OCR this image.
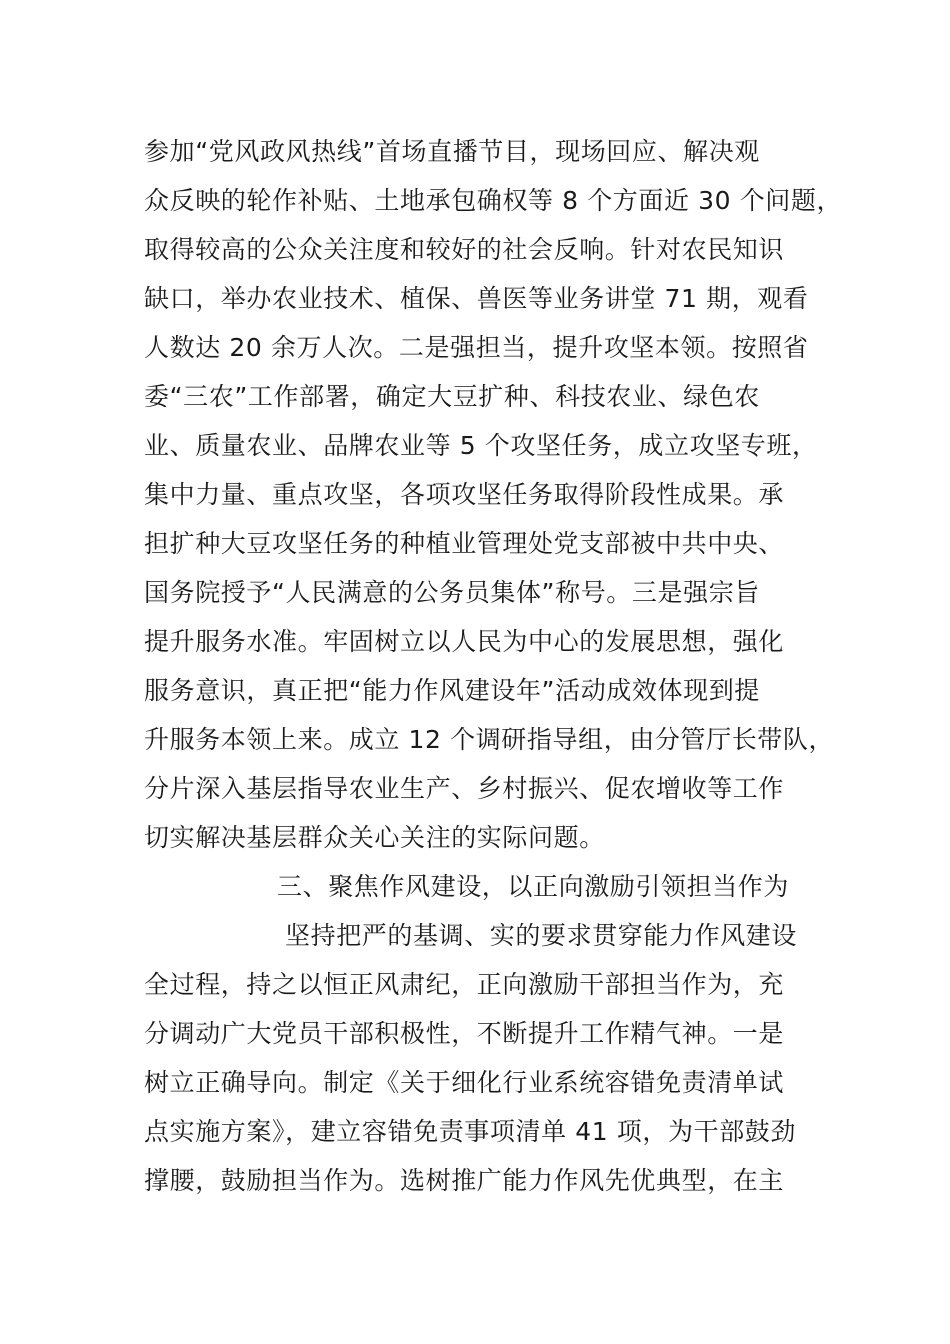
参加“党风政风热线”首场直播节目，现场回应、解决观
众反映的轮作补贴、土地承包确权等 8 个方面近 30 个问题，
取得较高的公众关注度和较好的社会反响。针对农民知识
缺口，举办农业技术、植保、兽医等业务讲堂 71 期，观看
人数达 20 余万人次。二是强担当，提升攻坚本领。按照省
委“三农”工作部署，确定大豆扩种、科技农业、绿色农
业、质量农业、品牌农业等 5 个攻坚任务，成立攻坚专班，
集中力量、重点攻坚，各项攻坚任务取得阶段性成果。承
担扩种大豆攻坚任务的种植业管理处党支部被中共中央、
国务院授予“人民满意的公务员集体”称号。三是强宗旨
提升服务水准。牢固树立以人民为中心的发展思想，强化
服务意识，真正把“能力作风建设年”活动成效体现到提
升服务本领上来。成立 12 个调研指导组，由分管厅长带队，
分片深入基层指导农业生产、乡村振兴、促农增收等工作
切实解决基层群众关心关注的实际问题。
三、聚焦作风建设，以正向激励引领担当作为
坚持把严的基调、实的要求贯穿能力作风建设
全过程，持之以恒正风肃纪，正向激励干部担当作为，充
分调动广大党员干部积极性，不断提升工作精气神。一是
树立正确导向。制定《关于细化行业系统容错免责清单试
点实施方案》，建立容错免责事项清单 41 项，为干部鼓劲
撑腰，鼓励担当作为。选树推广能力作风先优典型，在主
